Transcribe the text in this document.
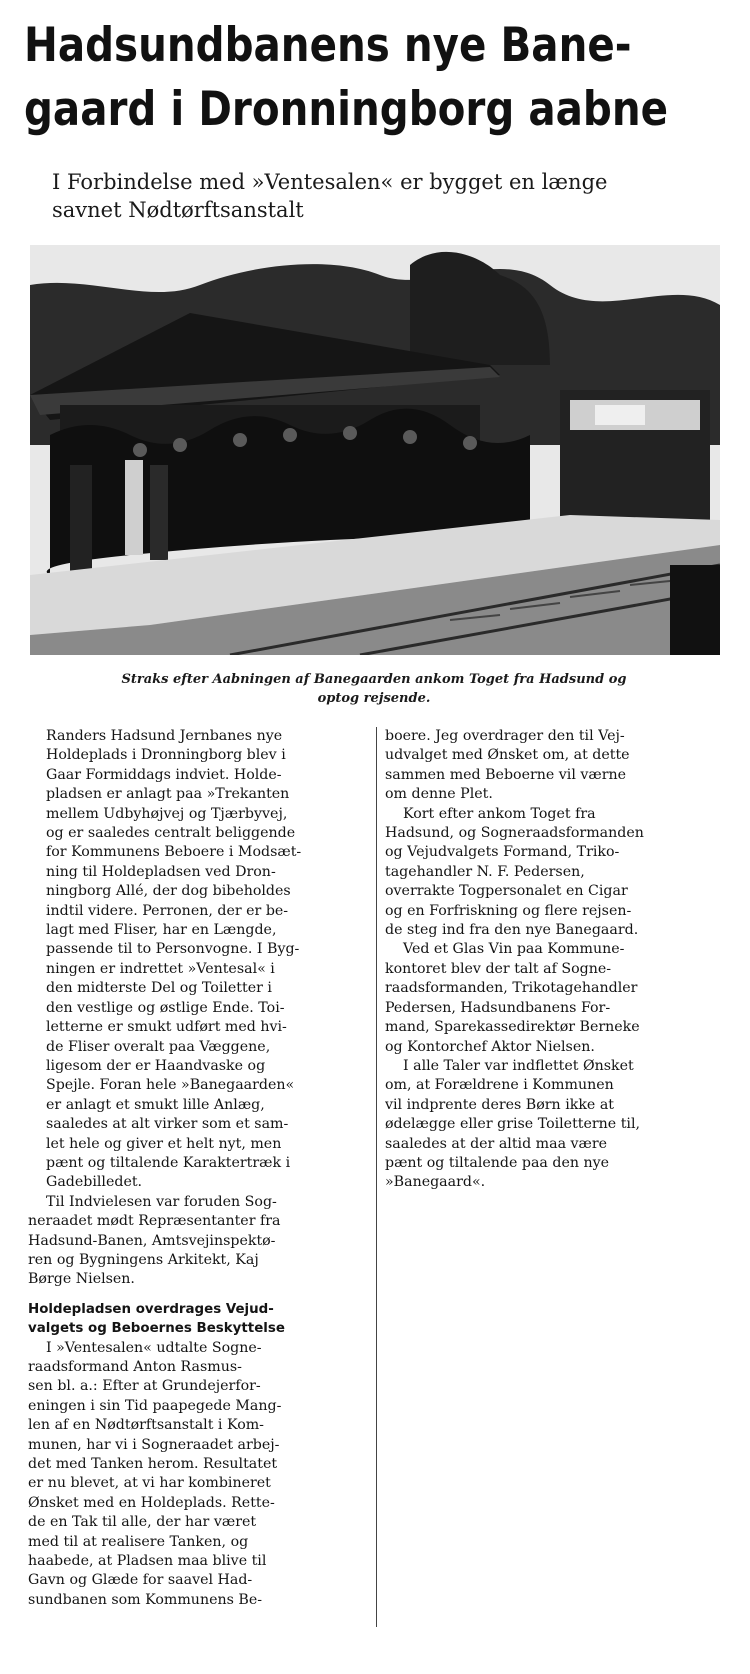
Hadsundbanens nye Bane-
gaard i Dronningborg aabne

I Forbindelse med »Ventesalen« er bygget en længe
savnet Nødtørftsanstalt

Straks efter Aabningen af Banegaarden ankom Toget fra Hadsund og
optog rejsende.

Randers Hadsund Jernbanes nye
Holdeplads i Dronningborg blev i
Gaar Formiddags indviet. Holde-
pladsen er anlagt paa »Trekanten
mellem Udbyhøjvej og Tjærbyvej,
og er saaledes centralt beliggende
for Kommunens Beboere i Modsæt-
ning til Holdepladsen ved Dron-
ningborg Allé, der dog bibeholdes
indtil videre. Perronen, der er be-
lagt med Fliser, har en Længde,
passende til to Personvogne. I Byg-
ningen er indrettet »Ventesal« i
den midterste Del og Toiletter i
den vestlige og østlige Ende. Toi-
letterne er smukt udført med hvi-
de Fliser overalt paa Væggene,
ligesom der er Haandvaske og
Spejle. Foran hele »Banegaarden«
er anlagt et smukt lille Anlæg,
saaledes at alt virker som et sam-
let hele og giver et helt nyt, men
pænt og tiltalende Karaktertræk i
Gadebilledet.

Til Indvielesen var foruden Sog-
neraadet mødt Repræsentanter fra
Hadsund-Banen, Amtsvejinspektø-
ren og Bygningens Arkitekt, Kaj
Børge Nielsen.

Holdepladsen overdrages Vejud-
valgets og Beboernes Beskyttelse

I »Ventesalen« udtalte Sogne-
raadsformand Anton Rasmus-
sen bl. a.: Efter at Grundejerfor-
eningen i sin Tid paapegede Mang-
len af en Nødtørftsanstalt i Kom-
munen, har vi i Sogneraadet arbej-
det med Tanken herom. Resultatet
er nu blevet, at vi har kombineret
Ønsket med en Holdeplads. Rette-
de en Tak til alle, der har været
med til at realisere Tanken, og
haabede, at Pladsen maa blive til
Gavn og Glæde for saavel Had-
sundbanen som Kommunens Be-

boere. Jeg overdrager den til Vej-
udvalget med Ønsket om, at dette
sammen med Beboerne vil værne
om denne Plet.

Kort efter ankom Toget fra
Hadsund, og Sogneraadsformanden
og Vejudvalgets Formand, Triko-
tagehandler N. F. Pedersen,
overrakte Togpersonalet en Cigar
og en Forfriskning og flere rejsen-
de steg ind fra den nye Banegaard.

Ved et Glas Vin paa Kommune-
kontoret blev der talt af Sogne-
raadsformanden, Trikotagehandler
Pedersen, Hadsundbanens For-
mand, Sparekassedirektør Berneke
og Kontorchef Aktor Nielsen.

I alle Taler var indflettet Ønsket
om, at Forældrene i Kommunen
vil indprente deres Børn ikke at
ødelægge eller grise Toiletterne til,
saaledes at der altid maa være
pænt og tiltalende paa den nye
»Banegaard«.
